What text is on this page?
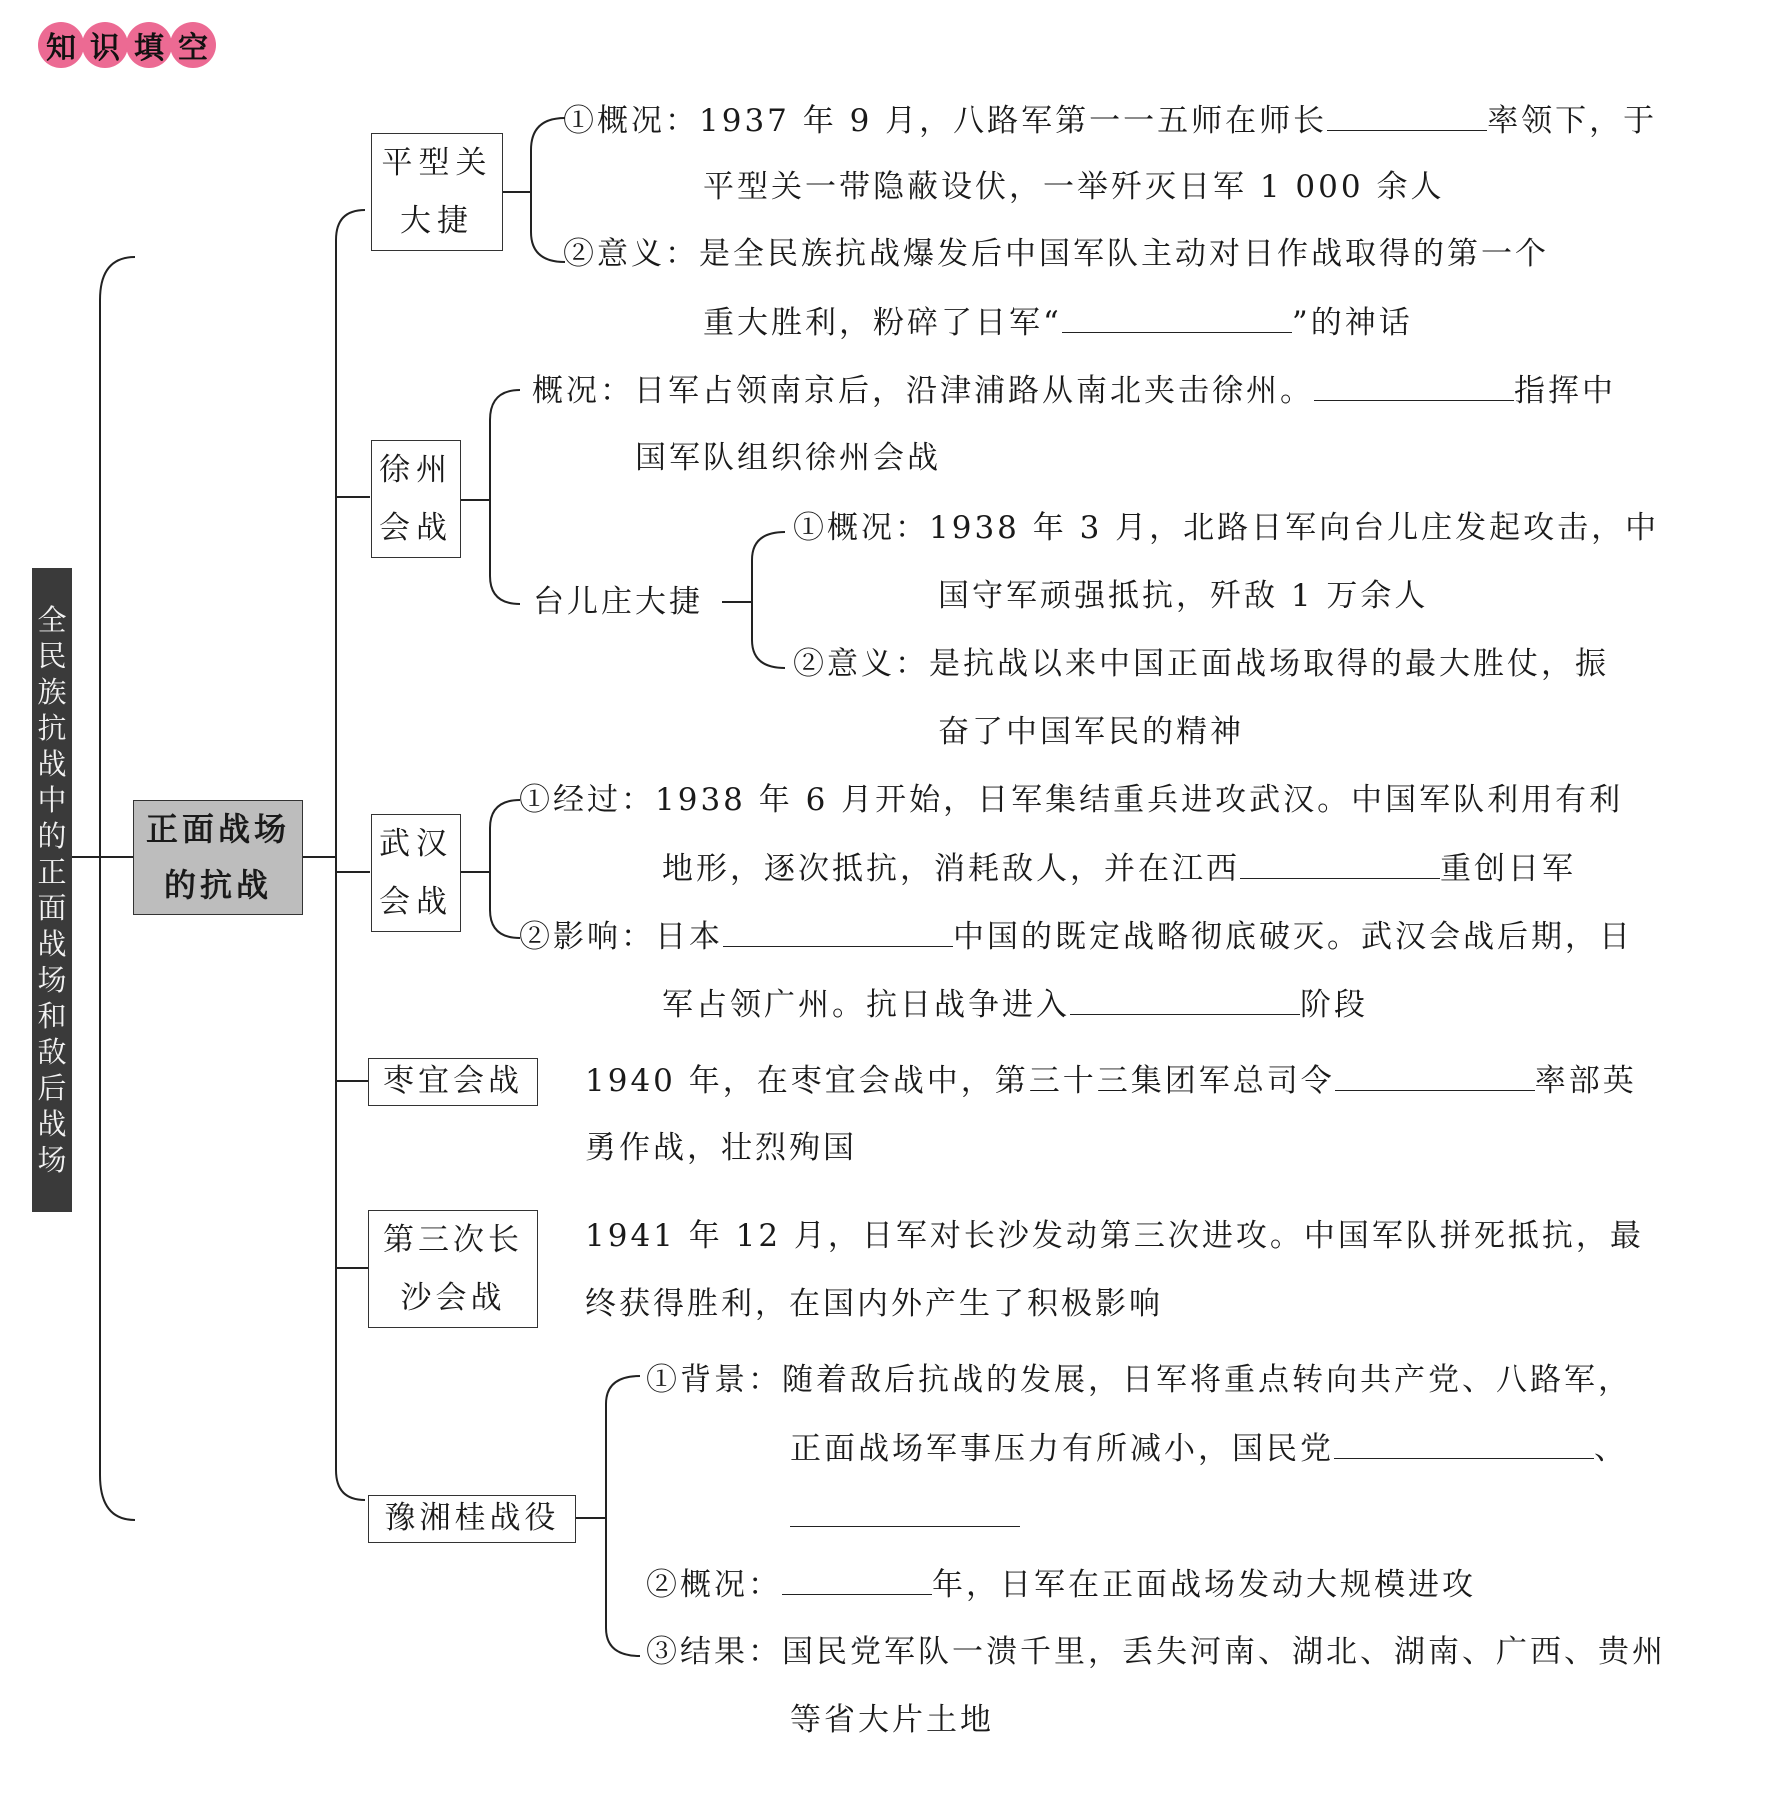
知 识 填 空
全
民
族
抗
战
中
的
正
面
战
场
和
敌
后
战
场
正面战场
的抗战
平型关
大捷
①概况：1937 年 9 月，八路军第一一五师在师长	率领下，于
平型关一带隐蔽设伏，一举歼灭日军 1 000 余人
②意义：是全民族抗战爆发后中国军队主动对日作战取得的第一个
重大胜利，粉碎了日军“	”的神话
徐州
会战
概况：日军占领南京后，沿津浦路从南北夹击徐州。	指挥中
国军队组织徐州会战
台儿庄大捷
①概况：1938 年 3 月，北路日军向台儿庄发起攻击，中
国守军顽强抵抗，歼敌 1 万余人
②意义：是抗战以来中国正面战场取得的最大胜仗，振
奋了中国军民的精神
武汉
会战
①经过：1938 年 6 月开始，日军集结重兵进攻武汉。中国军队利用有利
地形，逐次抵抗，消耗敌人，并在江西	重创日军
②影响：日本	中国的既定战略彻底破灭。武汉会战后期，日
军占领广州。抗日战争进入	阶段
枣宜会战	1940 年，在枣宜会战中，第三十三集团军总司令	率部英
勇作战，壮烈殉国
第三次长
沙会战
1941 年 12 月，日军对长沙发动第三次进攻。中国军队拼死抵抗，最
终获得胜利，在国内外产生了积极影响
豫湘桂战役
①背景：随着敌后抗战的发展，日军将重点转向共产党、八路军，
正面战场军事压力有所减小，国民党	、
②概况：	年，日军在正面战场发动大规模进攻
③结果：国民党军队一溃千里，丢失河南、湖北、湖南、广西、贵州
等省大片土地
